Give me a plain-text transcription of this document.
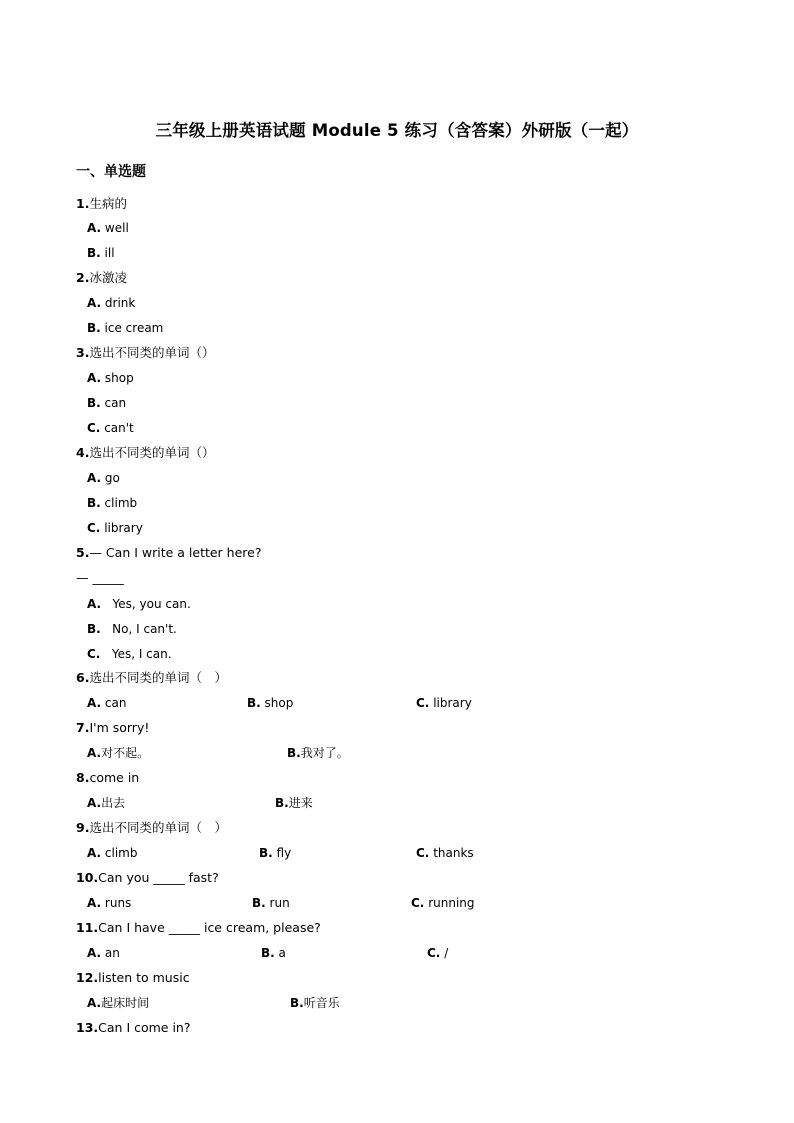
三年级上册英语试题 Module 5 练习（含答案）外研版（一起）
一、单选题
1.生病的
A. well
B. ill
2.冰激凌
A. drink
B. ice cream
3.选出不同类的单词（）
A. shop
B. can
C. can't
4.选出不同类的单词（）
A. go
B. climb
C. library
5.— Can I write a letter here?
— _____
A. Yes, you can.
B. No, I can't.
C. Yes, I can.
6.选出不同类的单词（　）
A. can	B. shop	C. library
7.I'm sorry!
A.对不起。	B.我对了。
8.come in
A.出去	B.进来
9.选出不同类的单词（　）
A. climb	B. fly	C. thanks
10.Can you _____ fast?
A. runs	B. run	C. running
11.Can I have _____ ice cream, please?
A. an	B. a	C. /
12.listen to music
A.起床时间	B.听音乐
13.Can I come in?
